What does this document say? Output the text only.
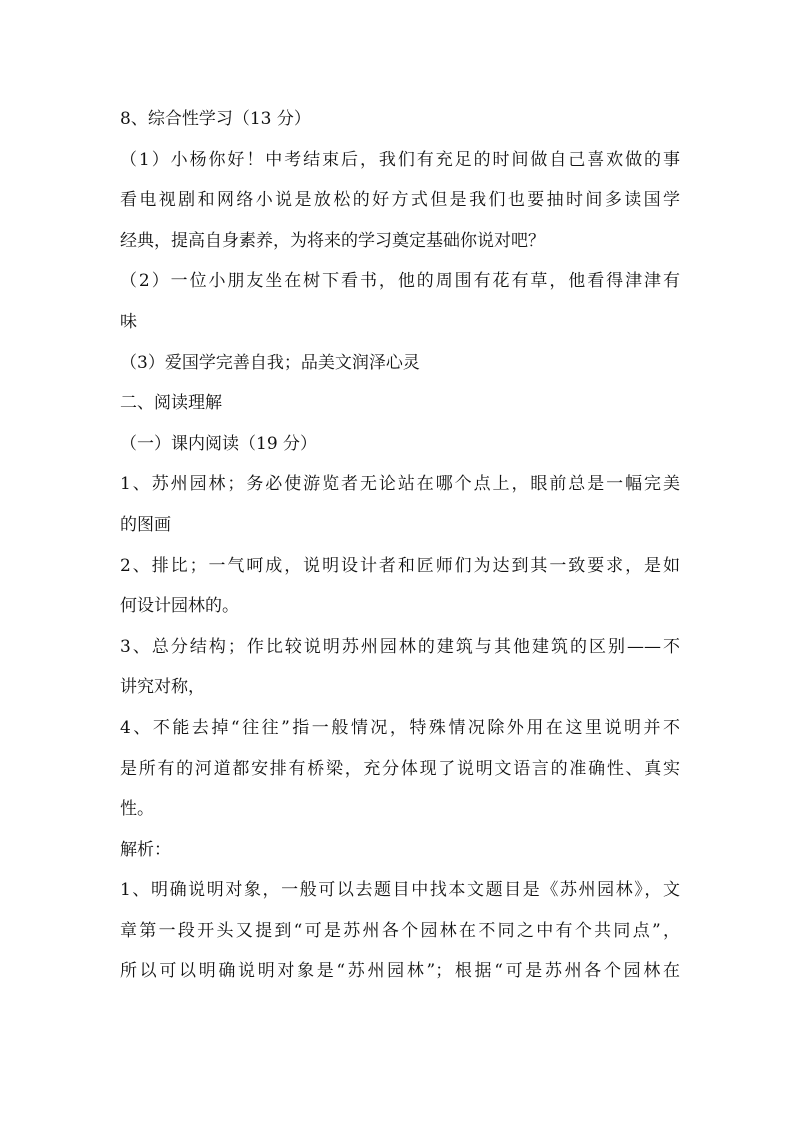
8、综合性学习（13 分）
（1）小杨你好！中考结束后，我们有充足的时间做自己喜欢做的事
看电视剧和网络小说是放松的好方式但是我们也要抽时间多读国学
经典，提高自身素养，为将来的学习奠定基础你说对吧？
（2）一位小朋友坐在树下看书，他的周围有花有草，他看得津津有
味
（3）爱国学完善自我；品美文润泽心灵
二、阅读理解
（一）课内阅读（19 分）
1、苏州园林；务必使游览者无论站在哪个点上，眼前总是一幅完美
的图画
2、排比；一气呵成，说明设计者和匠师们为达到其一致要求，是如
何设计园林的。
3、总分结构；作比较说明苏州园林的建筑与其他建筑的区别——不
讲究对称，
4、不能去掉“往往”指一般情况，特殊情况除外用在这里说明并不
是所有的河道都安排有桥梁，充分体现了说明文语言的准确性、真实
性。
解析：
1、明确说明对象，一般可以去题目中找本文题目是《苏州园林》，文
章第一段开头又提到“可是苏州各个园林在不同之中有个共同点”，
所以可以明确说明对象是“苏州园林”；根据“可是苏州各个园林在
